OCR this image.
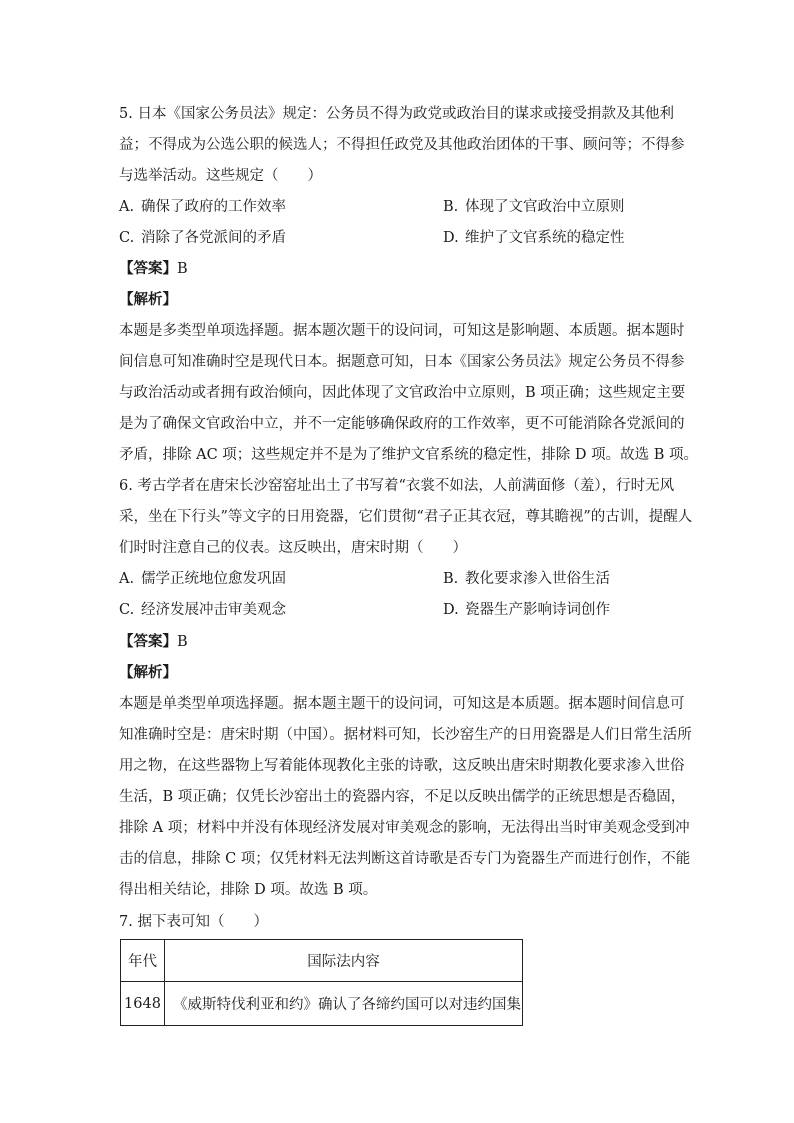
5. 日本《国家公务员法》规定：公务员不得为政党或政治目的谋求或接受捐款及其他利
益；不得成为公选公职的候选人；不得担任政党及其他政治团体的干事、顾问等；不得参
与选举活动。这些规定（　　）
A. 确保了政府的工作效率	B. 体现了文官政治中立原则
C. 消除了各党派间的矛盾	D. 维护了文官系统的稳定性
【答案】B
【解析】
本题是多类型单项选择题。据本题次题干的设问词，可知这是影响题、本质题。据本题时
间信息可知准确时空是现代日本。据题意可知，日本《国家公务员法》规定公务员不得参
与政治活动或者拥有政治倾向，因此体现了文官政治中立原则，B 项正确；这些规定主要
是为了确保文官政治中立，并不一定能够确保政府的工作效率，更不可能消除各党派间的
矛盾，排除 AC 项；这些规定并不是为了维护文官系统的稳定性，排除 D 项。故选 B 项。
6. 考古学者在唐宋长沙窑窑址出土了书写着“衣裳不如法，人前满面修（羞），行时无风
采，坐在下行头”等文字的日用瓷器，它们贯彻“君子正其衣冠，尊其瞻视”的古训，提醒人
们时时注意自己的仪表。这反映出，唐宋时期（　　）
A. 儒学正统地位愈发巩固	B. 教化要求渗入世俗生活
C. 经济发展冲击审美观念	D. 瓷器生产影响诗词创作
【答案】B
【解析】
本题是单类型单项选择题。据本题主题干的设问词，可知这是本质题。据本题时间信息可
知准确时空是：唐宋时期（中国）。据材料可知，长沙窑生产的日用瓷器是人们日常生活所
用之物，在这些器物上写着能体现教化主张的诗歌，这反映出唐宋时期教化要求渗入世俗
生活，B 项正确；仅凭长沙窑出土的瓷器内容，不足以反映出儒学的正统思想是否稳固，
排除 A 项；材料中并没有体现经济发展对审美观念的影响，无法得出当时审美观念受到冲
击的信息，排除 C 项；仅凭材料无法判断这首诗歌是否专门为瓷器生产而进行创作，不能
得出相关结论，排除 D 项。故选 B 项。
7. 据下表可知（　　）
年代	国际法内容
1648	《威斯特伐利亚和约》确认了各缔约国可以对违约国集
